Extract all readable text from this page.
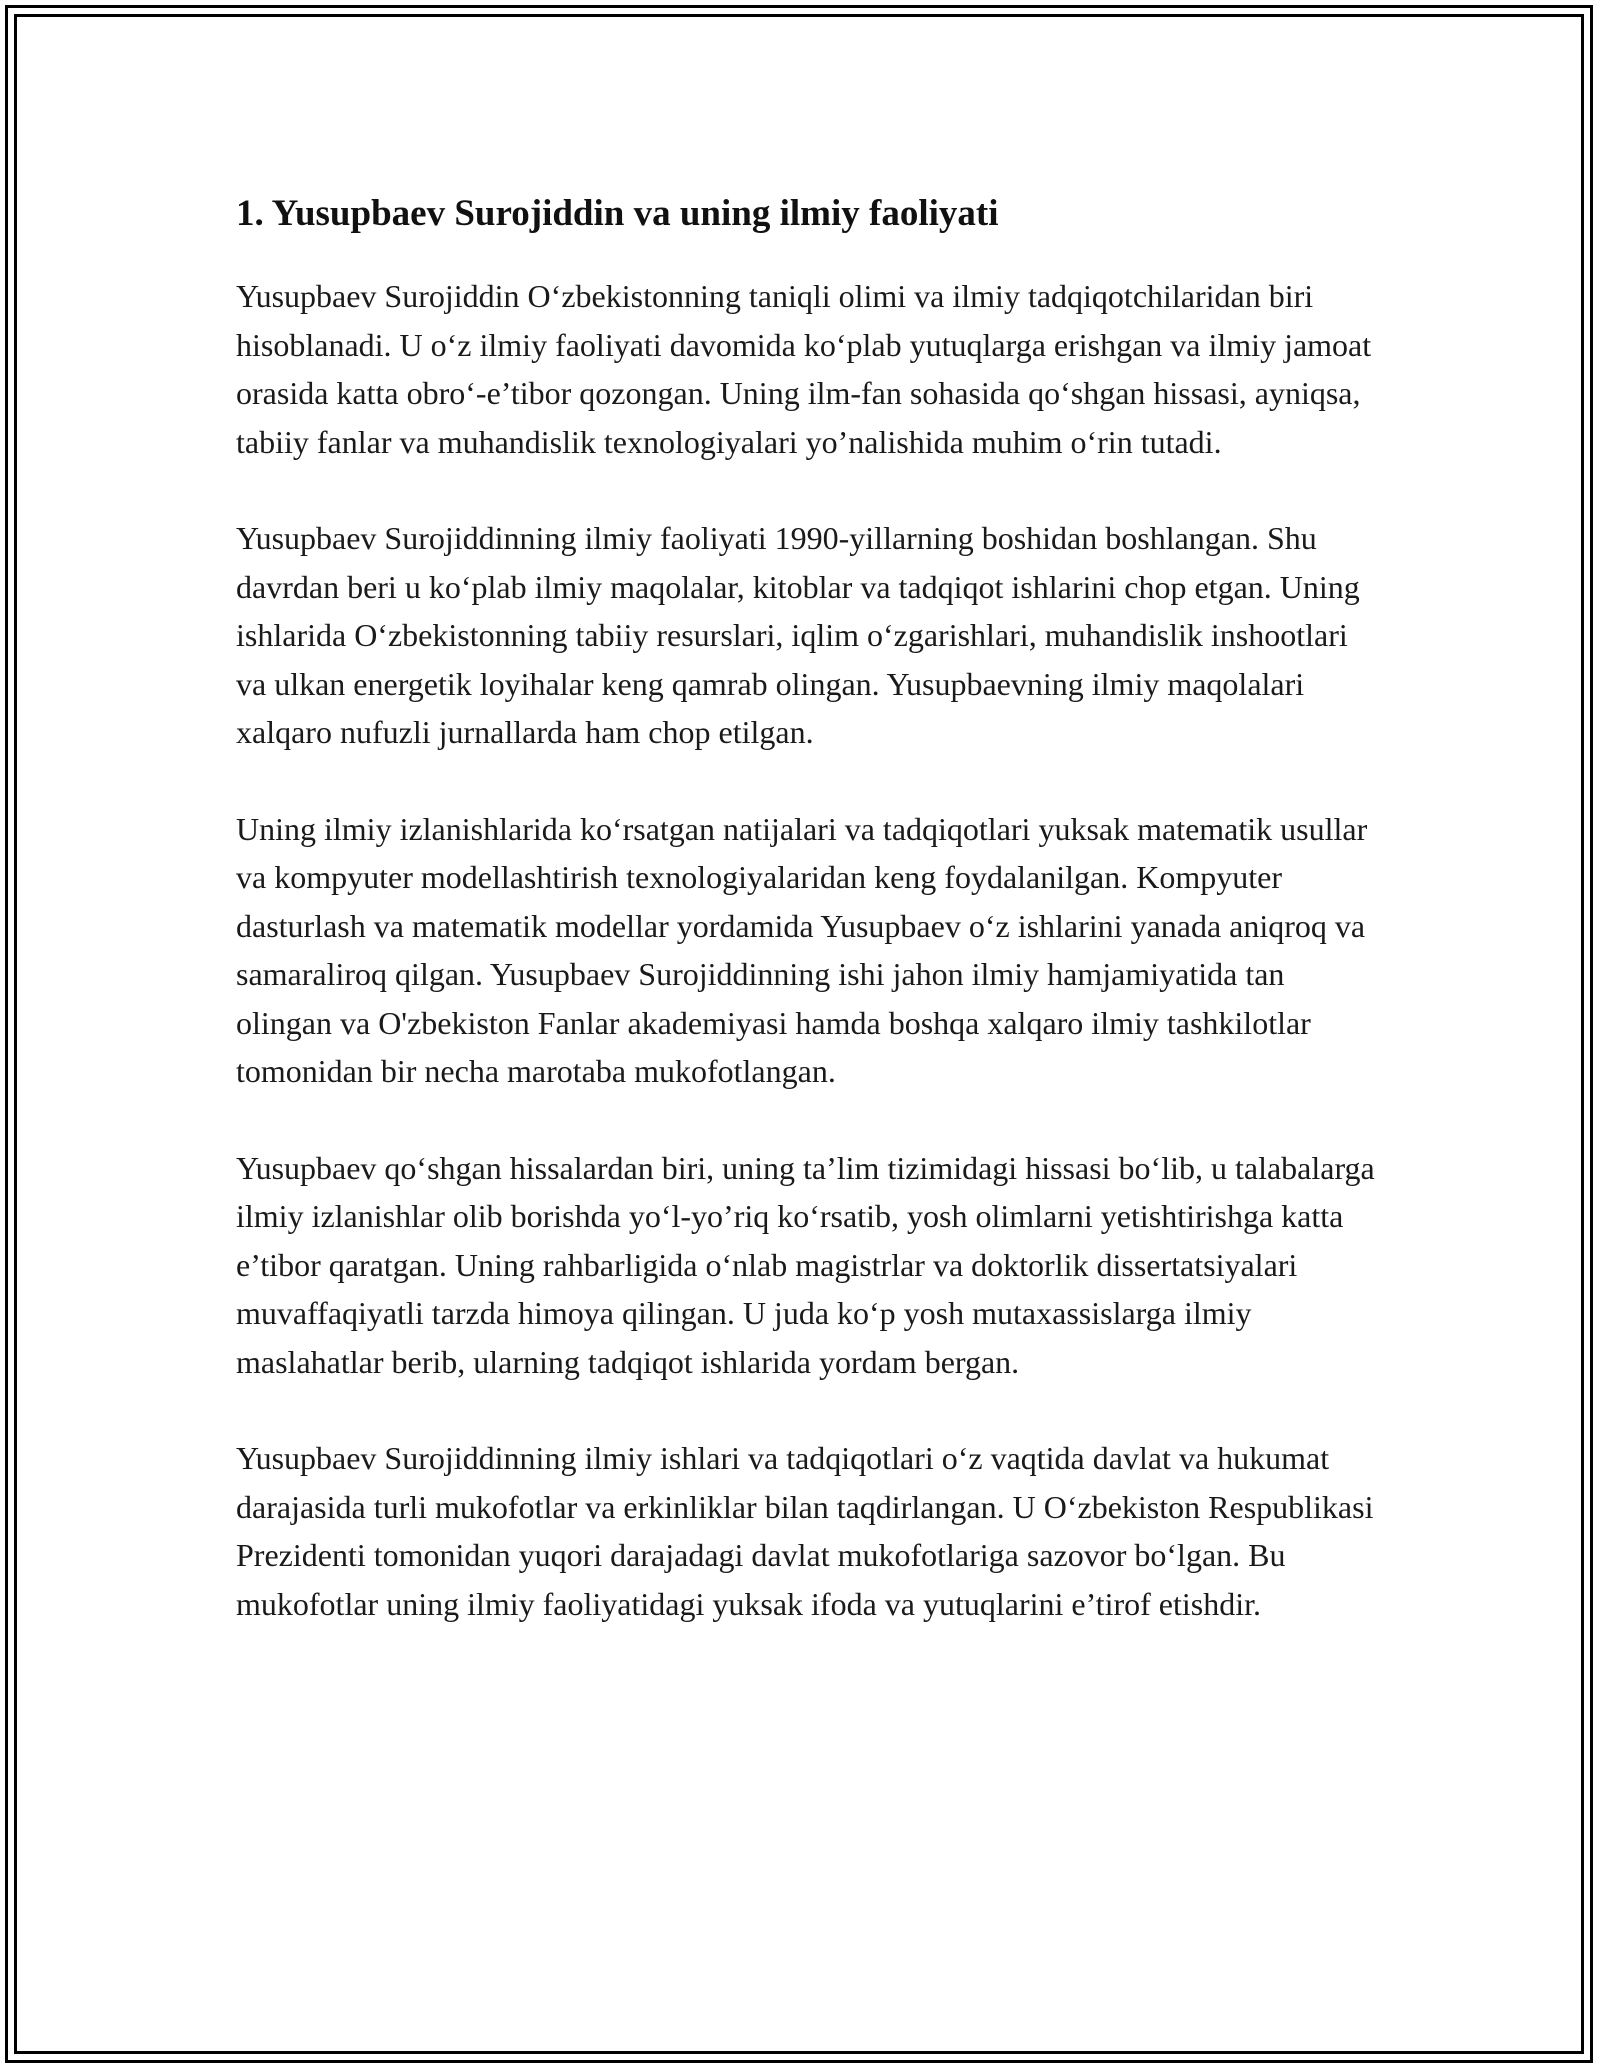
1. Yusupbaev Surojiddin va uning ilmiy faoliyati

Yusupbaev Surojiddin O‘zbekistonning taniqli olimi va ilmiy tadqiqotchilaridan biri hisoblanadi. U o‘z ilmiy faoliyati davomida ko‘plab yutuqlarga erishgan va ilmiy jamoat orasida katta obro‘-e’tibor qozongan. Uning ilm-fan sohasida qo‘shgan hissasi, ayniqsa, tabiiy fanlar va muhandislik texnologiyalari yo’nalishida muhim o‘rin tutadi.

Yusupbaev Surojiddinning ilmiy faoliyati 1990-yillarning boshidan boshlangan. Shu davrdan beri u ko‘plab ilmiy maqolalar, kitoblar va tadqiqot ishlarini chop etgan. Uning ishlarida O‘zbekistonning tabiiy resurslari, iqlim o‘zgarishlari, muhandislik inshootlari va ulkan energetik loyihalar keng qamrab olingan. Yusupbaevning ilmiy maqolalari xalqaro nufuzli jurnallarda ham chop etilgan.

Uning ilmiy izlanishlarida ko‘rsatgan natijalari va tadqiqotlari yuksak matematik usullar va kompyuter modellashtirish texnologiyalaridan keng foydalanilgan. Kompyuter dasturlash va matematik modellar yordamida Yusupbaev o‘z ishlarini yanada aniqroq va samaraliroq qilgan. Yusupbaev Surojiddinning ishi jahon ilmiy hamjamiyatida tan olingan va O'zbekiston Fanlar akademiyasi hamda boshqa xalqaro ilmiy tashkilotlar tomonidan bir necha marotaba mukofotlangan.

Yusupbaev qo‘shgan hissalardan biri, uning ta’lim tizimidagi hissasi bo‘lib, u talabalarga ilmiy izlanishlar olib borishda yo‘l-yo’riq ko‘rsatib, yosh olimlarni yetishtirishga katta e’tibor qaratgan. Uning rahbarligida o‘nlab magistrlar va doktorlik dissertatsiyalari muvaffaqiyatli tarzda himoya qilingan. U juda ko‘p yosh mutaxassislarga ilmiy maslahatlar berib, ularning tadqiqot ishlarida yordam bergan.

Yusupbaev Surojiddinning ilmiy ishlari va tadqiqotlari o‘z vaqtida davlat va hukumat darajasida turli mukofotlar va erkinliklar bilan taqdirlangan. U O‘zbekiston Respublikasi Prezidenti tomonidan yuqori darajadagi davlat mukofotlariga sazovor bo‘lgan. Bu mukofotlar uning ilmiy faoliyatidagi yuksak ifoda va yutuqlarini e’tirof etishdir.
